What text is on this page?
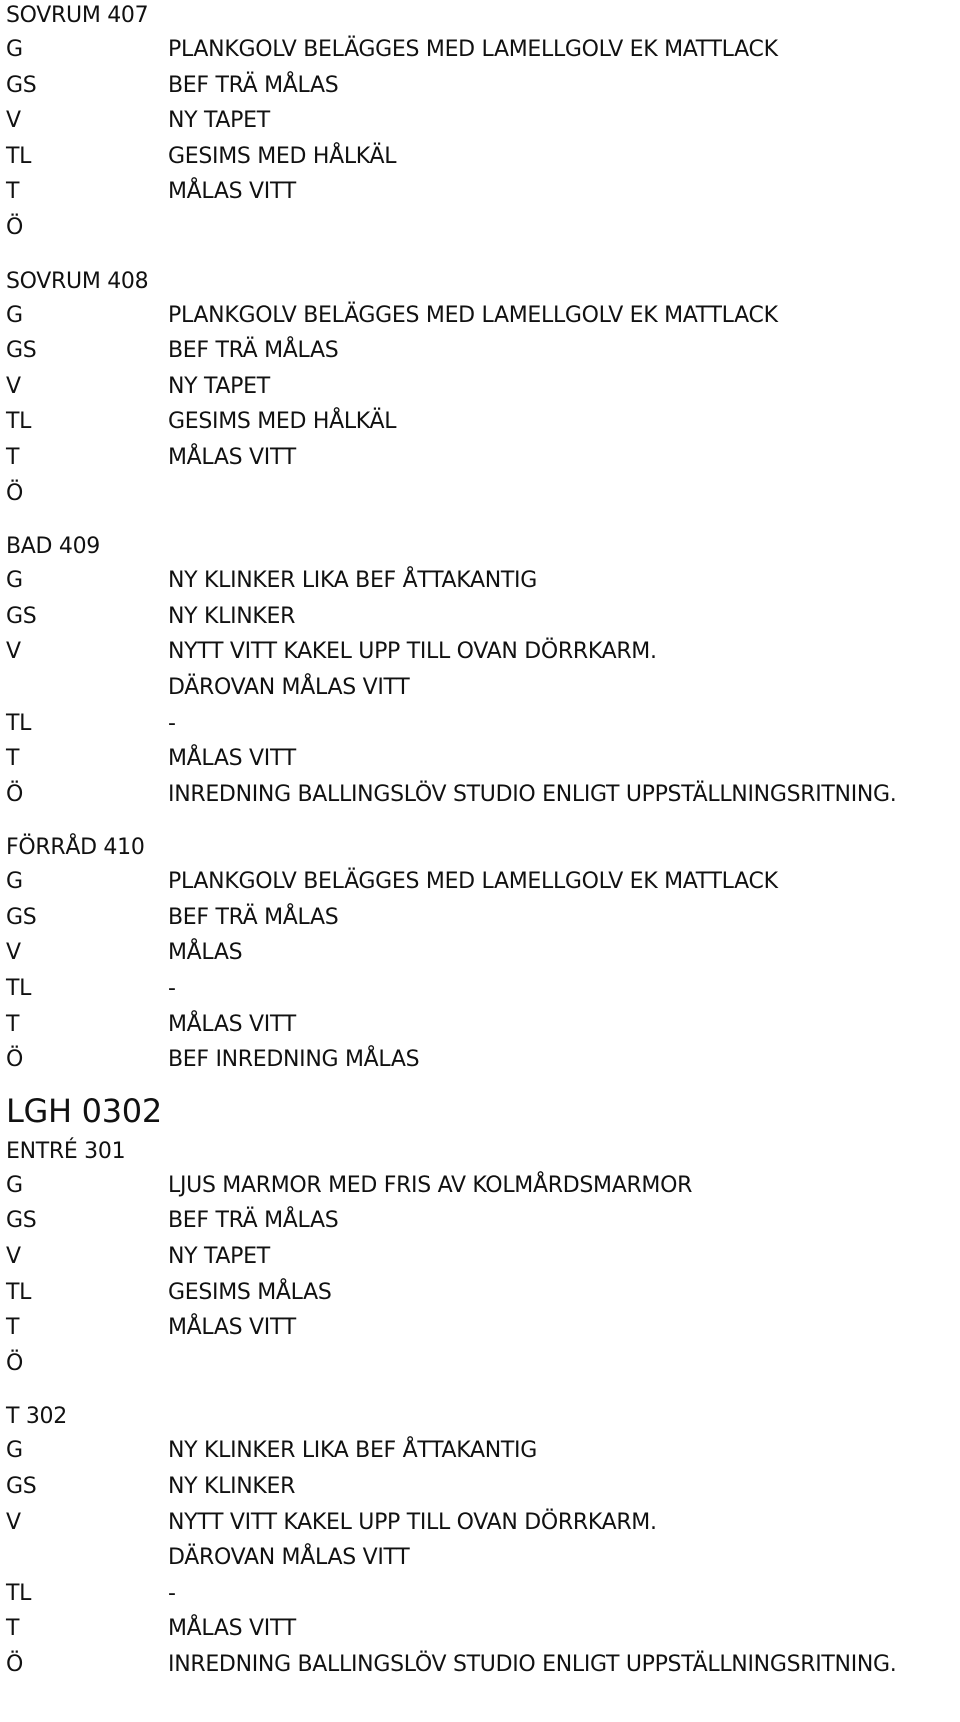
SOVRUM 407
G	PLANKGOLV BELÄGGES MED LAMELLGOLV EK MATTLACK
GS	BEF TRÄ MÅLAS
V	NY TAPET
TL	GESIMS MED HÅLKÄL
T	MÅLAS VITT
Ö
SOVRUM 408
G	PLANKGOLV BELÄGGES MED LAMELLGOLV EK MATTLACK
GS	BEF TRÄ MÅLAS
V	NY TAPET
TL	GESIMS MED HÅLKÄL
T	MÅLAS VITT
Ö
BAD 409
G	NY KLINKER LIKA BEF ÅTTAKANTIG
GS	NY KLINKER
V	NYTT VITT KAKEL UPP TILL OVAN DÖRRKARM.
DÄROVAN MÅLAS VITT
TL	-
T	MÅLAS VITT
Ö	INREDNING BALLINGSLÖV STUDIO ENLIGT UPPSTÄLLNINGSRITNING.
FÖRRÅD 410
G	PLANKGOLV BELÄGGES MED LAMELLGOLV EK MATTLACK
GS	BEF TRÄ MÅLAS
V	MÅLAS
TL	-
T	MÅLAS VITT
Ö	BEF INREDNING MÅLAS
LGH 0302
ENTRÉ 301
G	LJUS MARMOR MED FRIS AV KOLMÅRDSMARMOR
GS	BEF TRÄ MÅLAS
V	NY TAPET
TL	GESIMS MÅLAS
T	MÅLAS VITT
Ö
T 302
G	NY KLINKER LIKA BEF ÅTTAKANTIG
GS	NY KLINKER
V	NYTT VITT KAKEL UPP TILL OVAN DÖRRKARM.
DÄROVAN MÅLAS VITT
TL	-
T	MÅLAS VITT
Ö	INREDNING BALLINGSLÖV STUDIO ENLIGT UPPSTÄLLNINGSRITNING.
